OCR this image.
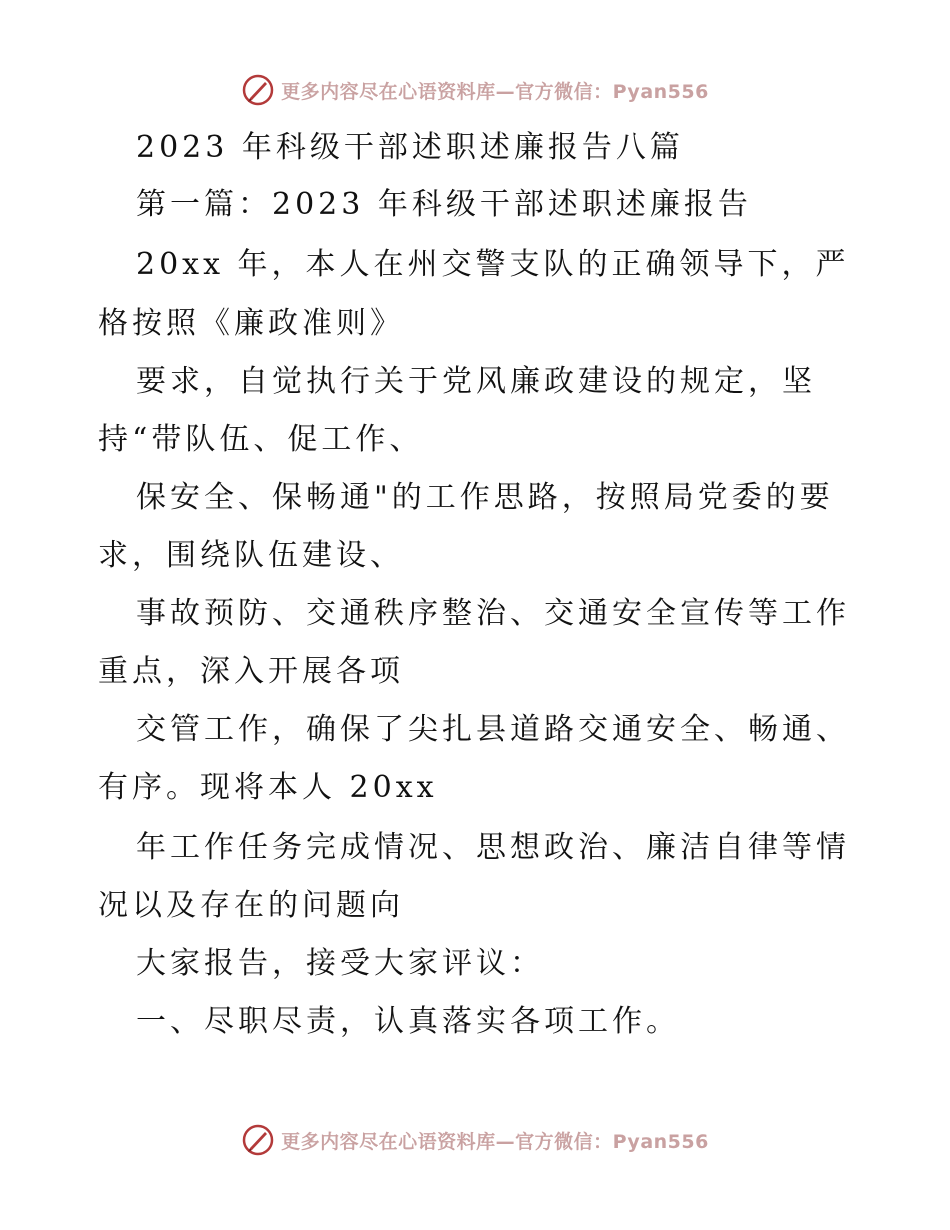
更多内容尽在心语资料库—官方微信：Pyan556
2023 年科级干部述职述廉报告八篇
第一篇：2023 年科级干部述职述廉报告
20xx 年，本人在州交警支队的正确领导下，严
格按照《廉政准则》
要求，自觉执行关于党风廉政建设的规定，坚
持“带队伍、促工作、
保安全、保畅通"的工作思路，按照局党委的要
求，围绕队伍建设、
事故预防、交通秩序整治、交通安全宣传等工作
重点，深入开展各项
交管工作，确保了尖扎县道路交通安全、畅通、
有序。现将本人 20xx
年工作任务完成情况、思想政治、廉洁自律等情
况以及存在的问题向
大家报告，接受大家评议：
一、尽职尽责，认真落实各项工作。
更多内容尽在心语资料库—官方微信：Pyan556
